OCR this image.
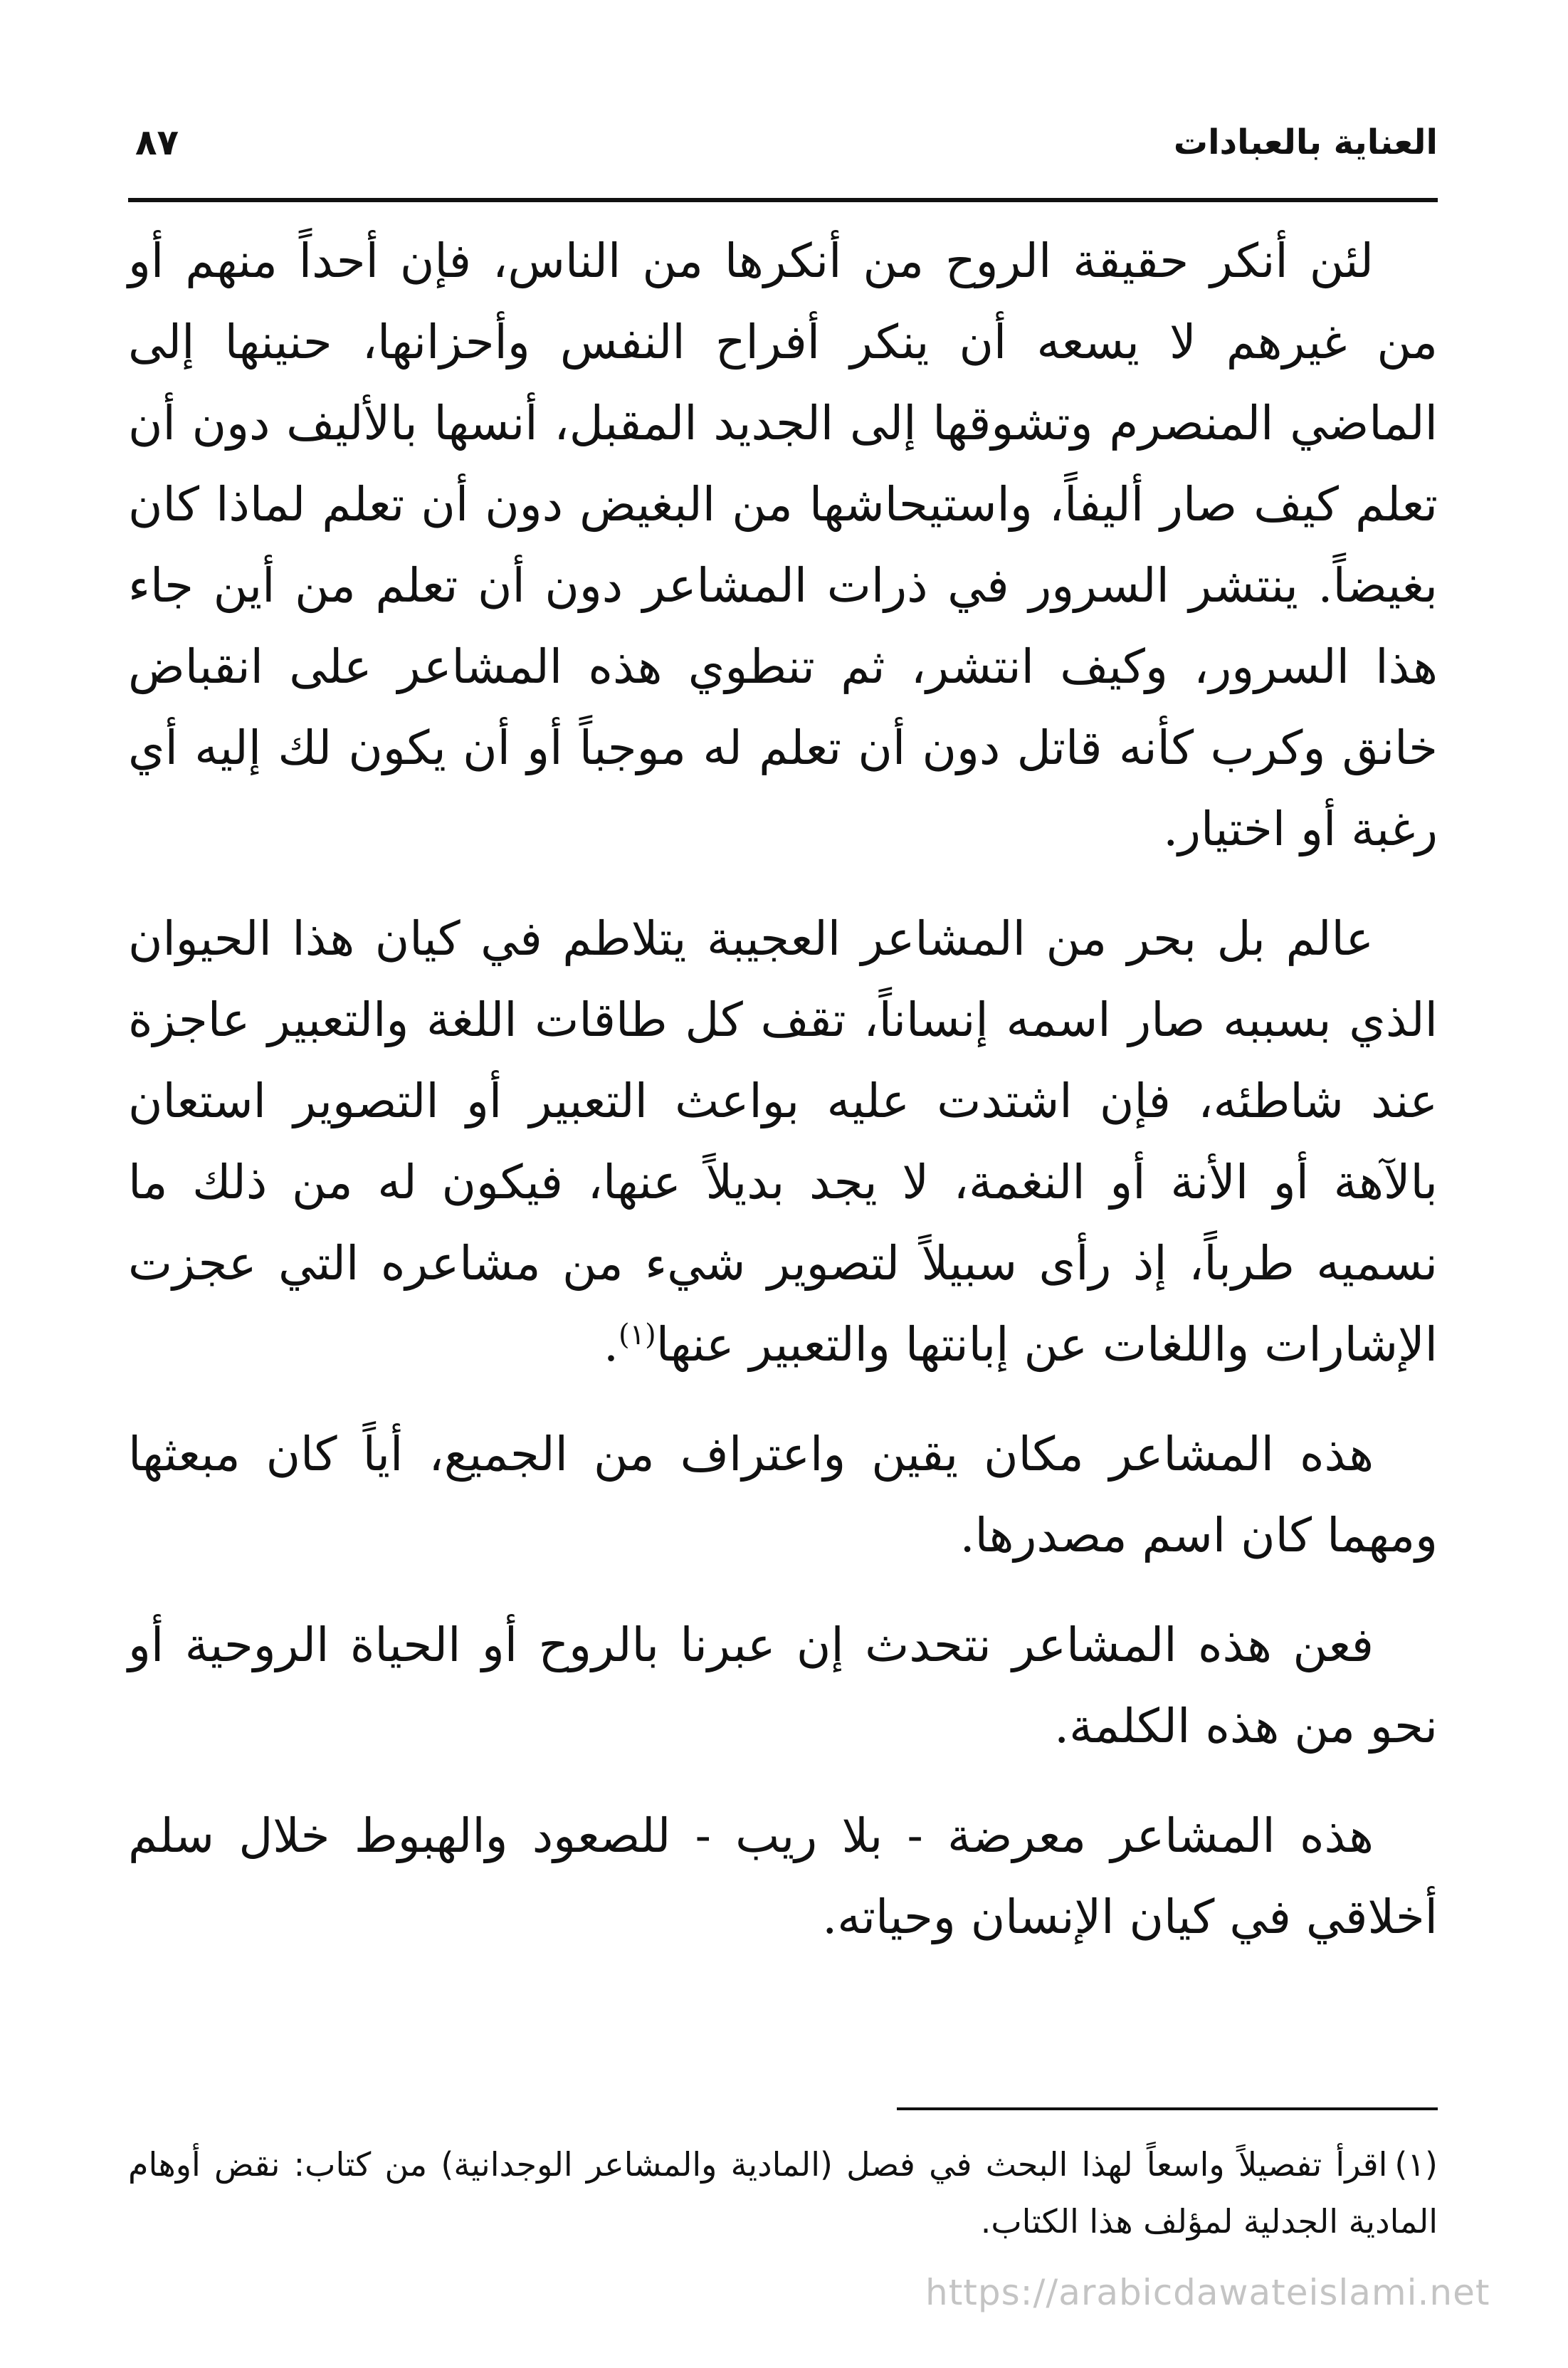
العناية بالعبادات
٨٧

لئن أنكر حقيقة الروح من أنكرها من الناس، فإن أحداً منهم أو من غيرهم لا يسعه أن ينكر أفراح النفس وأحزانها، حنينها إلى الماضي المنصرم وتشوقها إلى الجديد المقبل، أنسها بالأليف دون أن تعلم كيف صار أليفاً، واستيحاشها من البغيض دون أن تعلم لماذا كان بغيضاً. ينتشر السرور في ذرات المشاعر دون أن تعلم من أين جاء هذا السرور، وكيف انتشر، ثم تنطوي هذه المشاعر على انقباض خانق وكرب كأنه قاتل دون أن تعلم له موجباً أو أن يكون لك إليه أي رغبة أو اختيار.

عالم بل بحر من المشاعر العجيبة يتلاطم في كيان هذا الحيوان الذي بسببه صار اسمه إنساناً، تقف كل طاقات اللغة والتعبير عاجزة عند شاطئه، فإن اشتدت عليه بواعث التعبير أو التصوير استعان بالآهة أو الأنة أو النغمة، لا يجد بديلاً عنها، فيكون له من ذلك ما نسميه طرباً، إذ رأى سبيلاً لتصوير شيء من مشاعره التي عجزت الإشارات واللغات عن إبانتها والتعبير عنها$^{(١)}$.

هذه المشاعر مكان يقين واعتراف من الجميع، أياً كان مبعثها ومهما كان اسم مصدرها.

فعن هذه المشاعر نتحدث إن عبرنا بالروح أو الحياة الروحية أو نحو من هذه الكلمة.

هذه المشاعر معرضة - بلا ريب - للصعود والهبوط خلال سلم أخلاقي في كيان الإنسان وحياته.

(١)اقرأ تفصيلاً واسعاً لهذا البحث في فصل (المادية والمشاعر الوجدانية) من كتاب: نقض أوهام المادية الجدلية لمؤلف هذا الكتاب.

https://arabicdawateislami.net
